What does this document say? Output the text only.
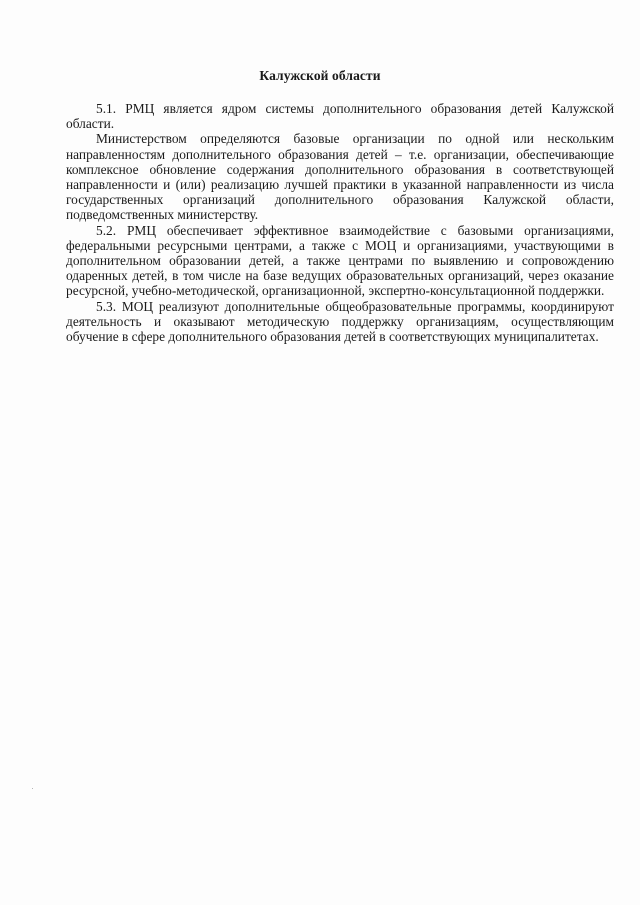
Калужской области

5.1. РМЦ является ядром системы дополнительного образования детей Калужской области.

Министерством определяются базовые организации по одной или нескольким направленностям дополнительного образования детей – т.е. организации, обеспечивающие комплексное обновление содержания дополнительного образования в соответствующей направленности и (или) реализацию лучшей практики в указанной направленности из числа государственных организаций дополнительного образования Калужской области, подведомственных министерству.

5.2. РМЦ обеспечивает эффективное взаимодействие с базовыми организациями, федеральными ресурсными центрами, а также с МОЦ и организациями, участвующими в дополнительном образовании детей, а также центрами по выявлению и сопровождению одаренных детей, в том числе на базе ведущих образовательных организаций, через оказание ресурсной, учебно-методической, организационной, экспертно-консультационной поддержки.

5.3. МОЦ реализуют дополнительные общеобразовательные программы, координируют деятельность и оказывают методическую поддержку организациям, осуществляющим обучение в сфере дополнительного образования детей в соответствующих муниципалитетах.
